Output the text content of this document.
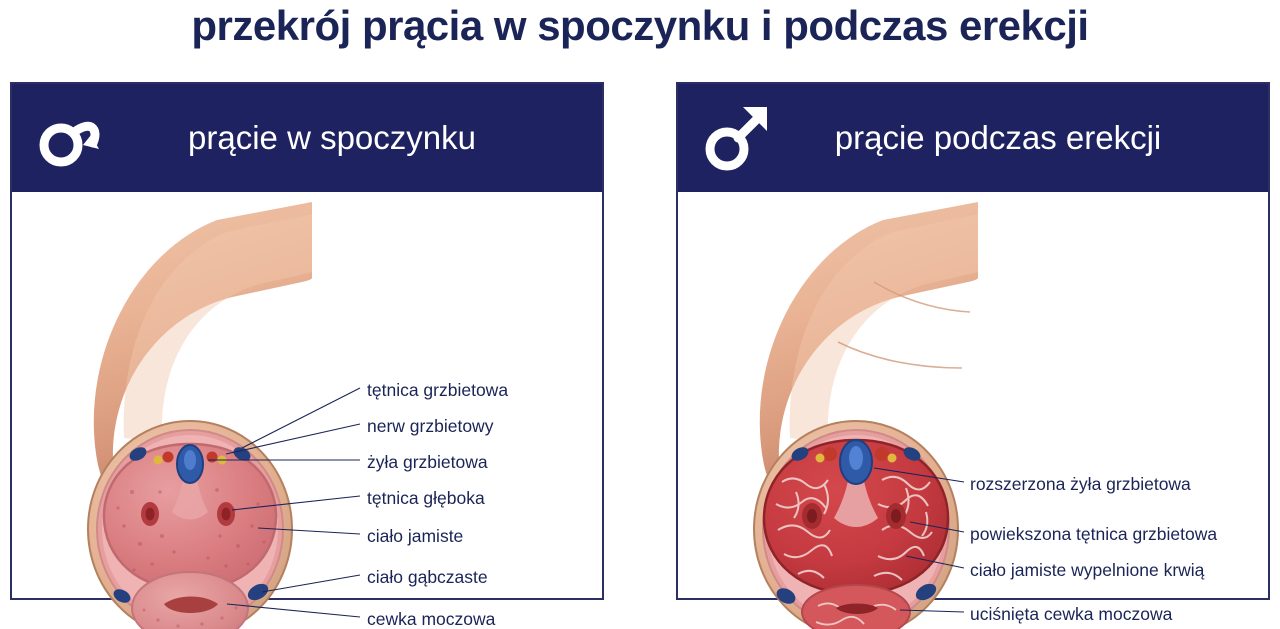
przekrój prącia w spoczynku i podczas erekcji
prącie w spoczynku
tętnica grzbietowa
nerw grzbietowy
żyła grzbietowa
tętnica głęboka
ciało jamiste
ciało gąbczaste
cewka moczowa
prącie podczas erekcji
rozszerzona żyła grzbietowa
powiekszona tętnica grzbietowa
ciało jamiste wypelnione krwią
uciśnięta cewka moczowa
